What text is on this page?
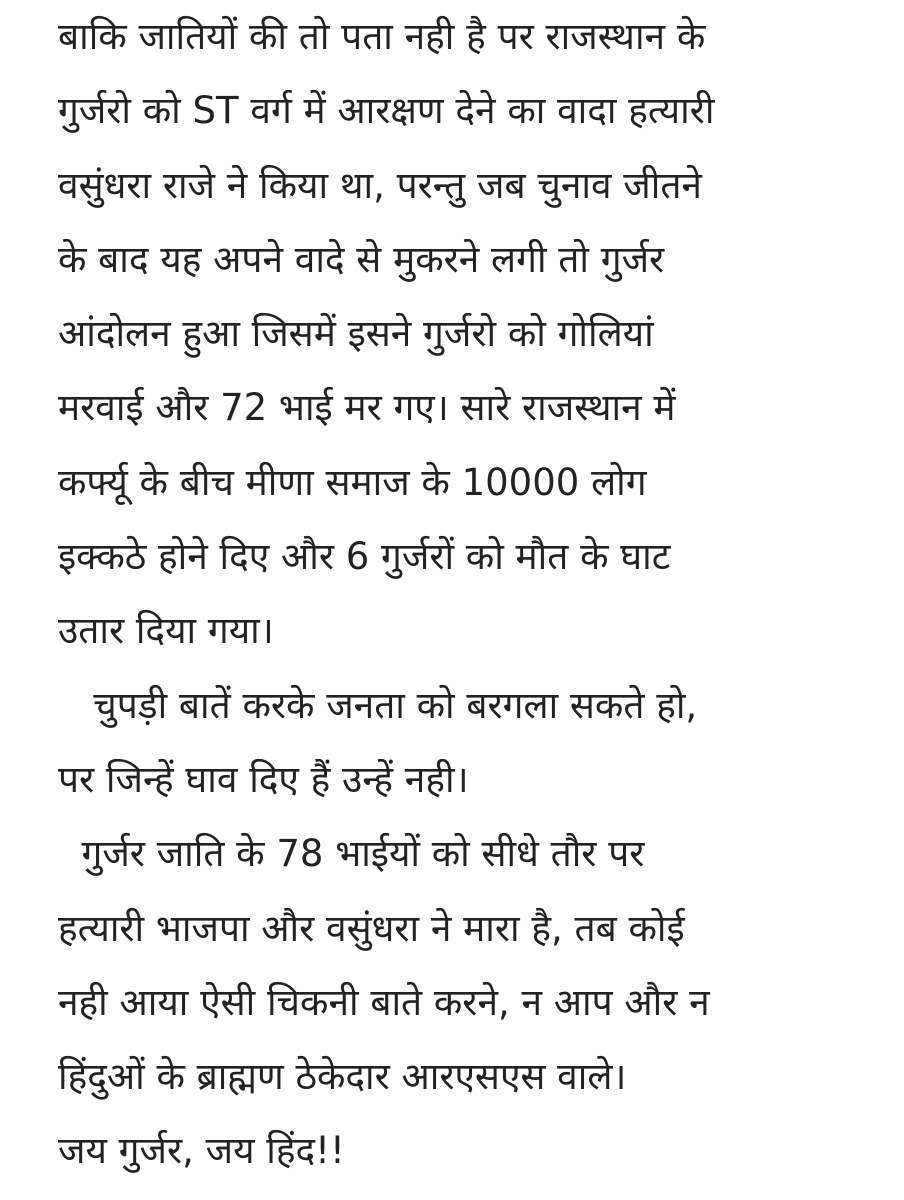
बाकि जातियों की तो पता नही है पर राजस्थान के
गुर्जरो को ST वर्ग में आरक्षण देने का वादा हत्यारी
वसुंधरा राजे ने किया था, परन्तु जब चुनाव जीतने
के बाद यह अपने वादे से मुकरने लगी तो गुर्जर
आंदोलन हुआ जिसमें इसने गुर्जरो को गोलियां
मरवाई और 72 भाई मर गए। सारे राजस्थान में
कर्फ्यू के बीच मीणा समाज के 10000 लोग
इक्कठे होने दिए और 6 गुर्जरों को मौत के घाट
उतार दिया गया।
चुपड़ी बातें करके जनता को बरगला सकते हो,
पर जिन्हें घाव दिए हैं उन्हें नही।
गुर्जर जाति के 78 भाईयों को सीधे तौर पर
हत्यारी भाजपा और वसुंधरा ने मारा है, तब कोई
नही आया ऐसी चिकनी बाते करने, न आप और न
हिंदुओं के ब्राह्मण ठेकेदार आरएसएस वाले।
जय गुर्जर, जय हिंद!!
